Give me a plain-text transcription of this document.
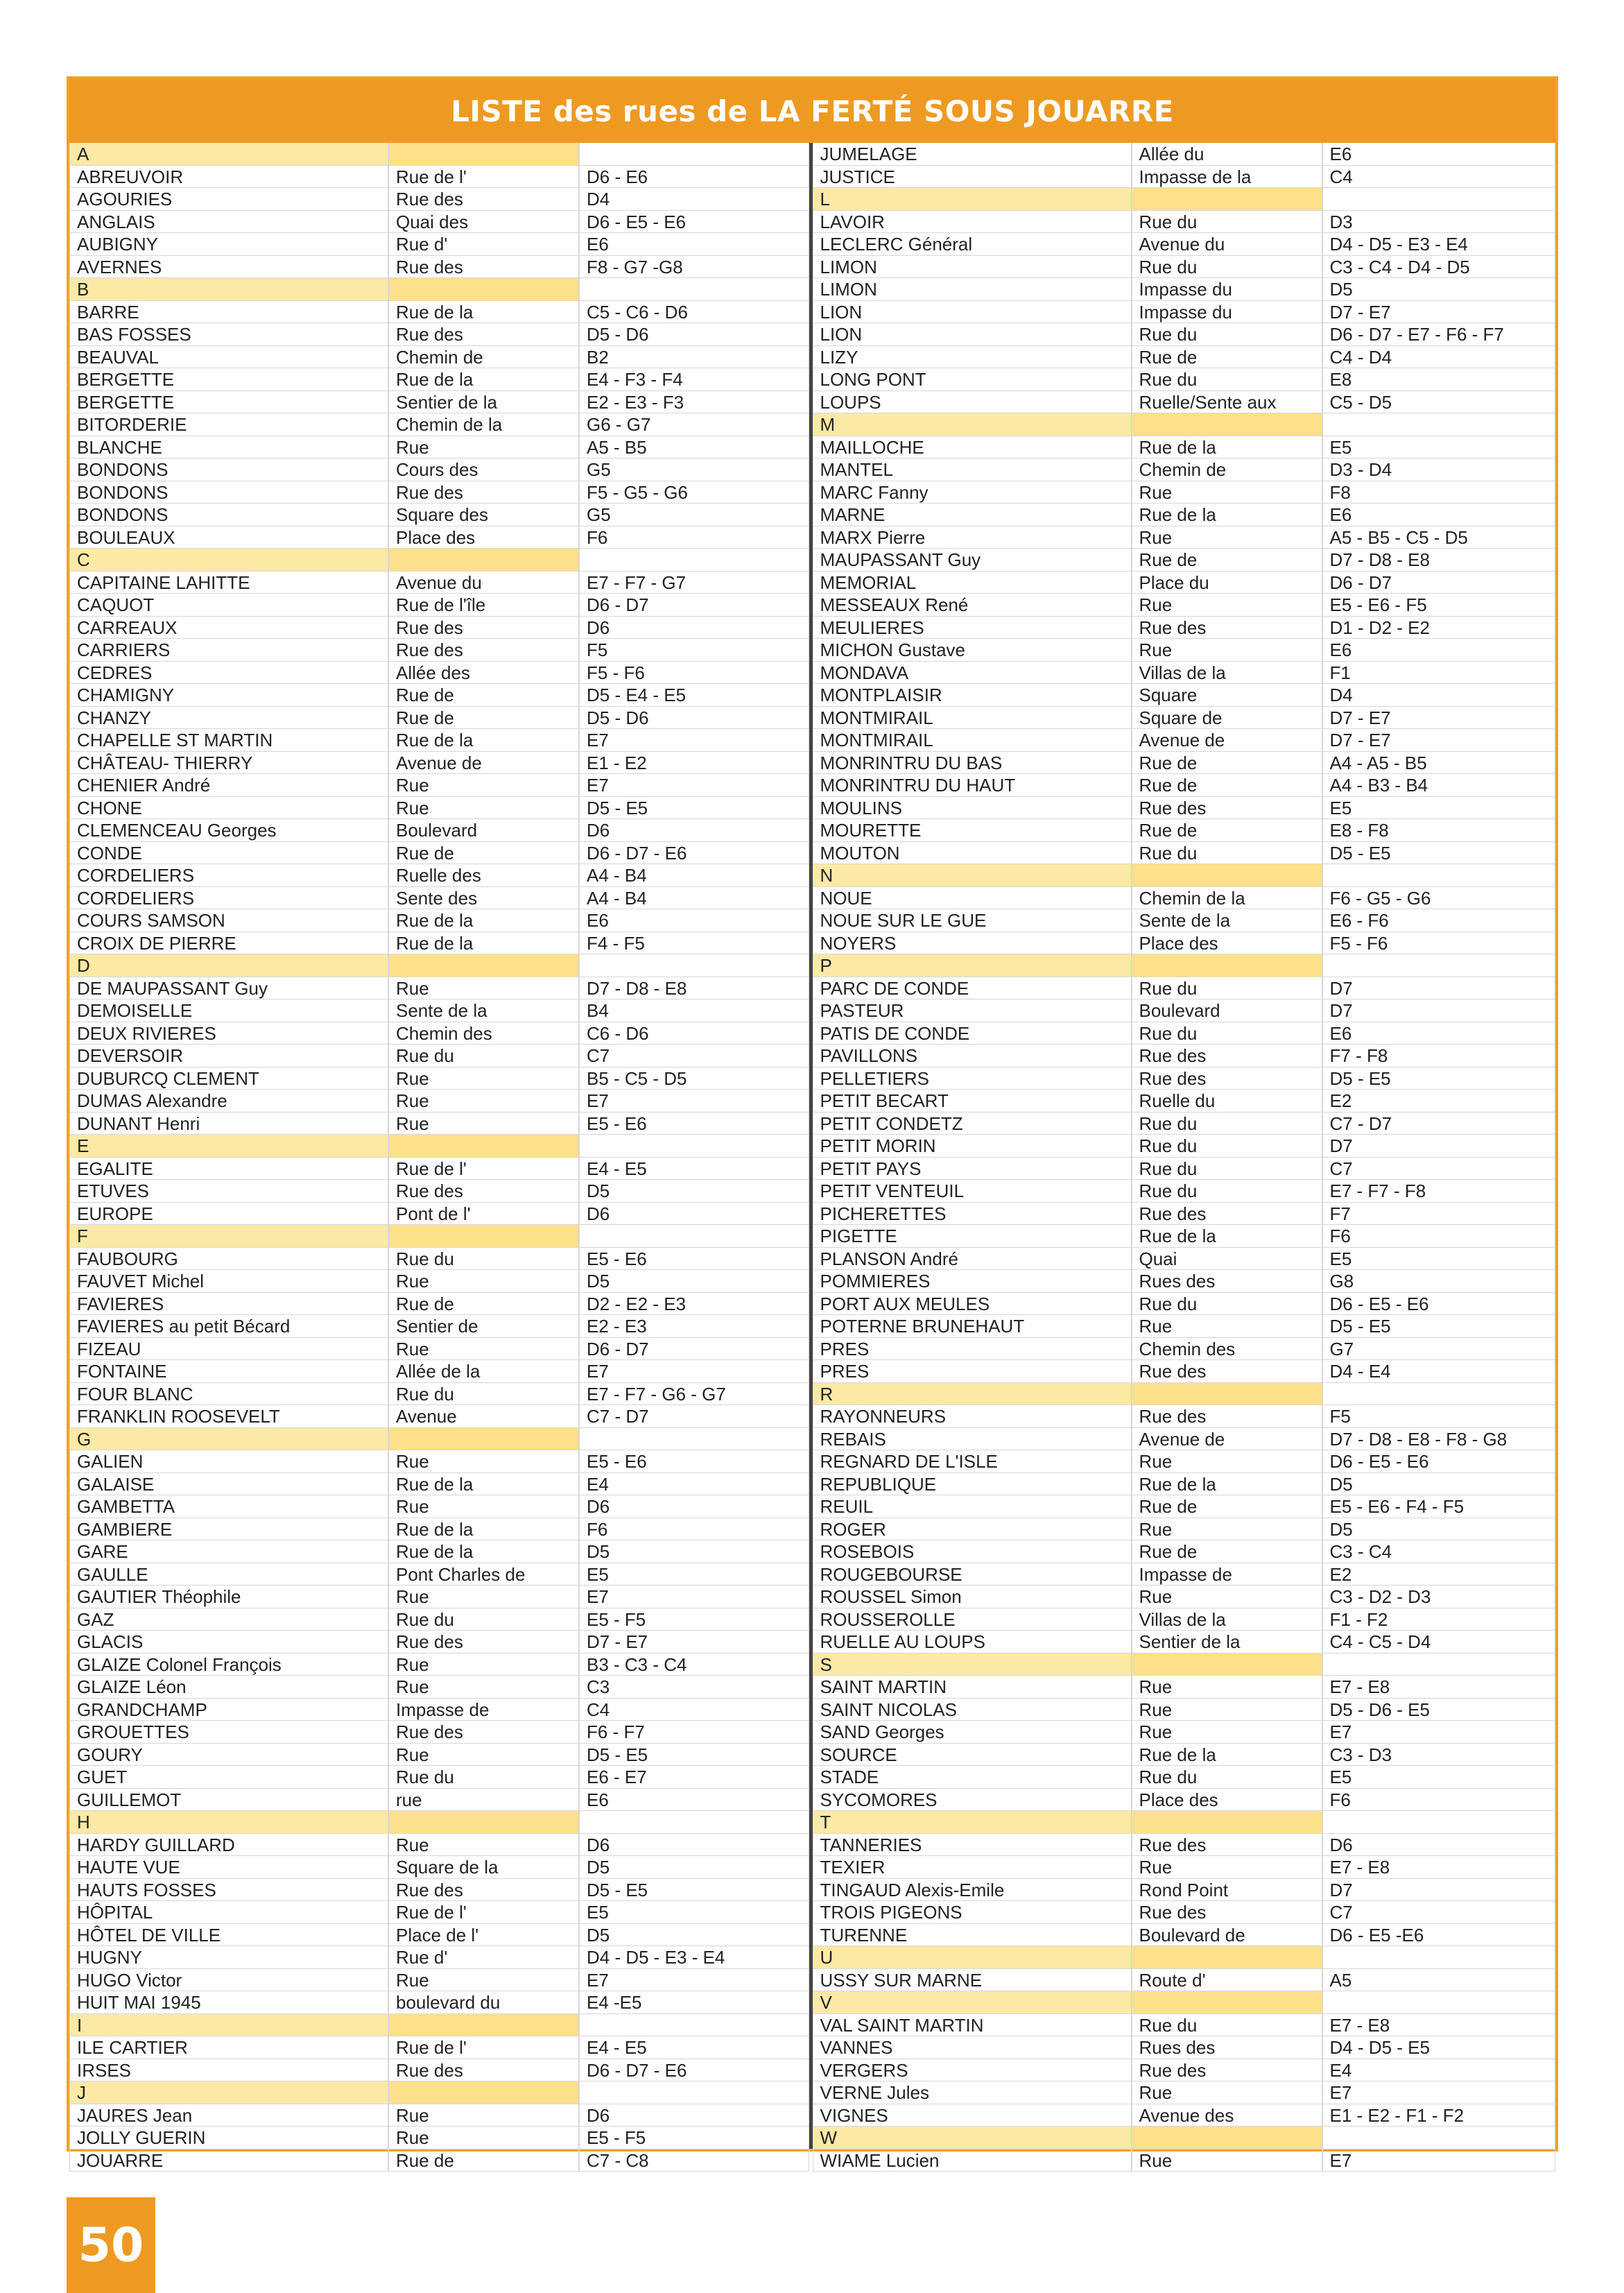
LISTE des rues de LA FERTÉ SOUS JOUARRE
A
ABREUVOIR	Rue de l'	D6 - E6
AGOURIES	Rue des	D4
ANGLAIS	Quai des	D6 - E5 - E6
AUBIGNY	Rue d'	E6
AVERNES	Rue des	F8 - G7 -G8
B
BARRE	Rue de la	C5 - C6 - D6
BAS FOSSES	Rue des	D5 - D6
BEAUVAL	Chemin de	B2
BERGETTE	Rue de la	E4 - F3 - F4
BERGETTE	Sentier de la	E2 - E3 - F3
BITORDERIE	Chemin de la	G6 - G7
BLANCHE	Rue	A5 - B5
BONDONS	Cours des	G5
BONDONS	Rue des	F5 - G5 - G6
BONDONS	Square des	G5
BOULEAUX	Place des	F6
C
CAPITAINE LAHITTE	Avenue du	E7 - F7 - G7
CAQUOT	Rue de l'île	D6 - D7
CARREAUX	Rue des	D6
CARRIERS	Rue des	F5
CEDRES	Allée des	F5 - F6
CHAMIGNY	Rue de	D5 - E4 - E5
CHANZY	Rue de	D5 - D6
CHAPELLE ST MARTIN	Rue de la	E7
CHÂTEAU- THIERRY	Avenue de	E1 - E2
CHENIER André	Rue	E7
CHONE	Rue	D5 - E5
CLEMENCEAU Georges	Boulevard	D6
CONDE	Rue de	D6 - D7 - E6
CORDELIERS	Ruelle des	A4 - B4
CORDELIERS	Sente des	A4 - B4
COURS SAMSON	Rue de la	E6
CROIX DE PIERRE	Rue de la	F4 - F5
D
DE MAUPASSANT Guy	Rue	D7 - D8 - E8
DEMOISELLE	Sente de la	B4
DEUX RIVIERES	Chemin des	C6 - D6
DEVERSOIR	Rue du	C7
DUBURCQ CLEMENT	Rue	B5 - C5 - D5
DUMAS Alexandre	Rue	E7
DUNANT Henri	Rue	E5 - E6
E
EGALITE	Rue de l'	E4 - E5
ETUVES	Rue des	D5
EUROPE	Pont de l'	D6
F
FAUBOURG	Rue du	E5 - E6
FAUVET Michel	Rue	D5
FAVIERES	Rue de	D2 - E2 - E3
FAVIERES au petit Bécard	Sentier de	E2 - E3
FIZEAU	Rue	D6 - D7
FONTAINE	Allée de la	E7
FOUR BLANC	Rue du	E7 - F7 - G6 - G7
FRANKLIN ROOSEVELT	Avenue	C7 - D7
G
GALIEN	Rue	E5 - E6
GALAISE	Rue de la	E4
GAMBETTA	Rue	D6
GAMBIERE	Rue de la	F6
GARE	Rue de la	D5
GAULLE	Pont Charles de	E5
GAUTIER Théophile	Rue	E7
GAZ	Rue du	E5 - F5
GLACIS	Rue des	D7 - E7
GLAIZE Colonel François	Rue	B3 - C3 - C4
GLAIZE Léon	Rue	C3
GRANDCHAMP	Impasse de	C4
GROUETTES	Rue des	F6 - F7
GOURY	Rue	D5 - E5
GUET	Rue du	E6 - E7
GUILLEMOT	rue	E6
H
HARDY GUILLARD	Rue	D6
HAUTE VUE	Square de la	D5
HAUTS FOSSES	Rue des	D5 - E5
HÔPITAL	Rue de l'	E5
HÔTEL DE VILLE	Place de l'	D5
HUGNY	Rue d'	D4 - D5 - E3 - E4
HUGO Victor	Rue	E7
HUIT MAI 1945	boulevard du	E4 -E5
I
ILE CARTIER	Rue de l'	E4 - E5
IRSES	Rue des	D6 - D7 - E6
J
JAURES Jean	Rue	D6
JOLLY GUERIN	Rue	E5 - F5
JOUARRE	Rue de	C7 - C8
JUMELAGE	Allée du	E6
JUSTICE	Impasse de la	C4
L
LAVOIR	Rue du	D3
LECLERC Général	Avenue du	D4 - D5 - E3 - E4
LIMON	Rue du	C3 - C4 - D4 - D5
LIMON	Impasse du	D5
LION	Impasse du	D7 - E7
LION	Rue du	D6 - D7 - E7 - F6 - F7
LIZY	Rue de	C4 - D4
LONG PONT	Rue du	E8
LOUPS	Ruelle/Sente aux	C5 - D5
M
MAILLOCHE	Rue de la	E5
MANTEL	Chemin de	D3 - D4
MARC Fanny	Rue	F8
MARNE	Rue de la	E6
MARX Pierre	Rue	A5 - B5 - C5 - D5
MAUPASSANT Guy	Rue de	D7 - D8 - E8
MEMORIAL	Place du	D6 - D7
MESSEAUX René	Rue	E5 - E6 - F5
MEULIERES	Rue des	D1 - D2 - E2
MICHON Gustave	Rue	E6
MONDAVA	Villas de la	F1
MONTPLAISIR	Square	D4
MONTMIRAIL	Square de	D7 - E7
MONTMIRAIL	Avenue de	D7 - E7
MONRINTRU DU BAS	Rue de	A4 - A5 - B5
MONRINTRU DU HAUT	Rue de	A4 - B3 - B4
MOULINS	Rue des	E5
MOURETTE	Rue de	E8 - F8
MOUTON	Rue du	D5 - E5
N
NOUE	Chemin de la	F6 - G5 - G6
NOUE SUR LE GUE	Sente de la	E6 - F6
NOYERS	Place des	F5 - F6
P
PARC DE CONDE	Rue du	D7
PASTEUR	Boulevard	D7
PATIS DE CONDE	Rue du	E6
PAVILLONS	Rue des	F7 - F8
PELLETIERS	Rue des	D5 - E5
PETIT BECART	Ruelle du	E2
PETIT CONDETZ	Rue du	C7 - D7
PETIT MORIN	Rue du	D7
PETIT PAYS	Rue du	C7
PETIT VENTEUIL	Rue du	E7 - F7 - F8
PICHERETTES	Rue des	F7
PIGETTE	Rue de la	F6
PLANSON André	Quai	E5
POMMIERES	Rues des	G8
PORT AUX MEULES	Rue du	D6 - E5 - E6
POTERNE BRUNEHAUT	Rue	D5 - E5
PRES	Chemin des	G7
PRES	Rue des	D4 - E4
R
RAYONNEURS	Rue des	F5
REBAIS	Avenue de	D7 - D8 - E8 - F8 - G8
REGNARD DE L'ISLE	Rue	D6 - E5 - E6
REPUBLIQUE	Rue de la	D5
REUIL	Rue de	E5 - E6 - F4 - F5
ROGER	Rue	D5
ROSEBOIS	Rue de	C3 - C4
ROUGEBOURSE	Impasse de	E2
ROUSSEL Simon	Rue	C3 - D2 - D3
ROUSSEROLLE	Villas de la	F1 - F2
RUELLE AU LOUPS	Sentier de la	C4 - C5 - D4
S
SAINT MARTIN	Rue	E7 - E8
SAINT NICOLAS	Rue	D5 - D6 - E5
SAND Georges	Rue	E7
SOURCE	Rue de la	C3 - D3
STADE	Rue du	E5
SYCOMORES	Place des	F6
T
TANNERIES	Rue des	D6
TEXIER	Rue	E7 - E8
TINGAUD Alexis-Emile	Rond Point	D7
TROIS PIGEONS	Rue des	C7
TURENNE	Boulevard de	D6 - E5 -E6
U
USSY SUR MARNE	Route d'	A5
V
VAL SAINT MARTIN	Rue du	E7 - E8
VANNES	Rues des	D4 - D5 - E5
VERGERS	Rue des	E4
VERNE Jules	Rue	E7
VIGNES	Avenue des	E1 - E2 - F1 - F2
W
WIAME Lucien	Rue	E7
50
